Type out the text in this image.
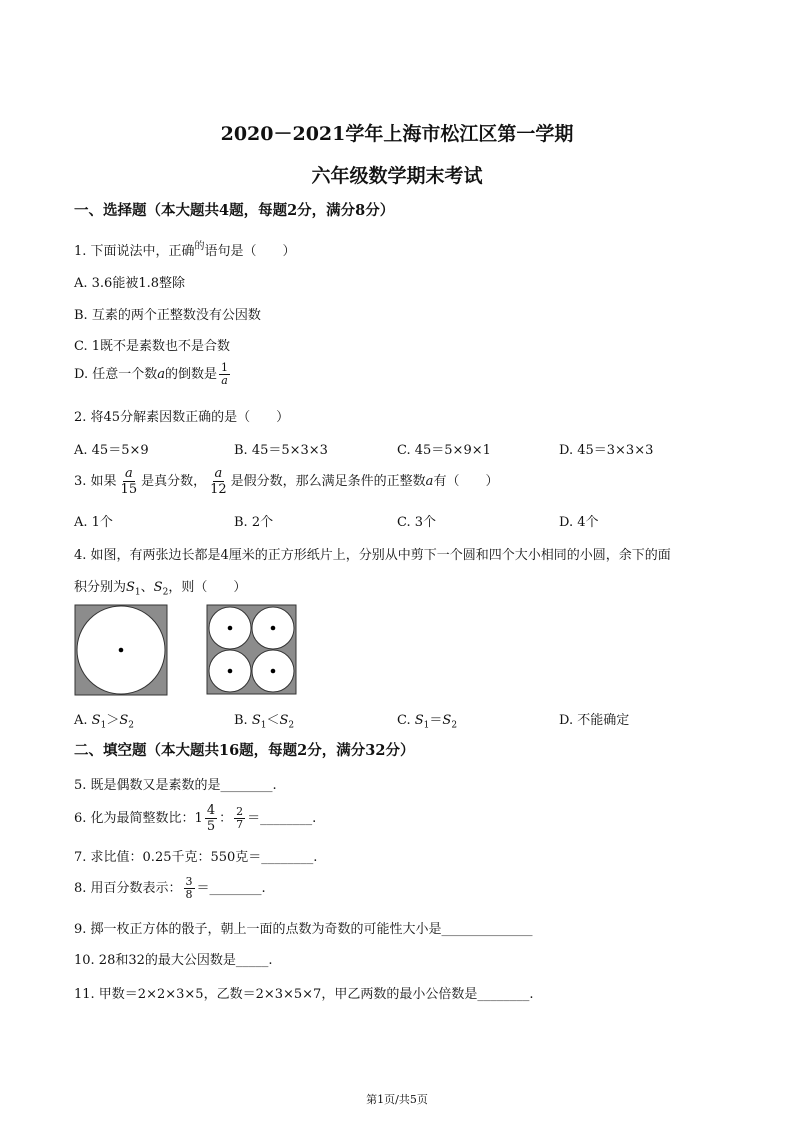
2020－2021学年上海市松江区第一学期
六年级数学期末考试
一、选择题（本大题共4题，每题2分，满分8分）
1. 下面说法中，正确$^的$语句是（　　）
A. 3.6能被1.8整除
B. 互素的两个正整数没有公因数
C. 1既不是素数也不是合数
D. 任意一个数a的倒数是 $\frac{1}{a}$
2. 将45分解素因数正确的是（　　）
A. 45＝5×9	B. 45＝5×3×3	C. 45＝5×9×1	D. 45＝3×3×3
3. 如果 $\frac{a}{15}$ 是真分数， $\frac{a}{12}$ 是假分数，那么满足条件的正整数a有（　　）
A. 1个	B. 2个	C. 3个	D. 4个
4. 如图，有两张边长都是4厘米的正方形纸片上，分别从中剪下一个圆和四个大小相同的小圆，余下的面
积分别为$S_1$、$S_2$，则（　　）
A. $S_1>S_2$	B. $S_1<S_2$	C. $S_1=S_2$	D. 不能确定
二、填空题（本大题共16题，每题2分，满分32分）
5. 既是偶数又是素数的是________.
6. 化为最简整数比：$1 \frac{4}{5}$ ： $\frac{2}{7}$ ＝________.
7. 求比值：0.25千克：550克＝________.
8. 用百分数表示： $\frac{3}{8}$ ＝________.
9. 掷一枚正方体的骰子，朝上一面的点数为奇数的可能性大小是______________
10. 28和32的最大公因数是_____.
11. 甲数＝2×2×3×5，乙数＝2×3×5×7，甲乙两数的最小公倍数是________.
第1页/共5页
